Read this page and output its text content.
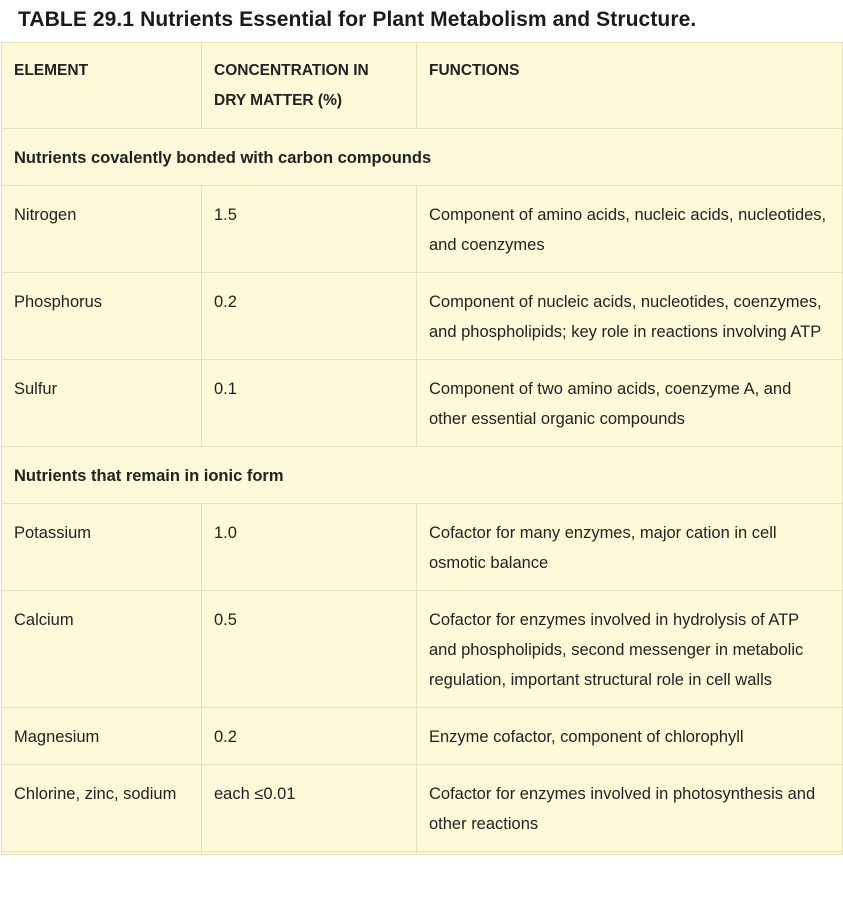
TABLE 29.1 Nutrients Essential for Plant Metabolism and Structure.
ELEMENT	CONCENTRATION IN DRY MATTER (%)	FUNCTIONS
Nutrients covalently bonded with carbon compounds		
Nitrogen	1.5	Component of amino acids, nucleic acids, nucleotides, and coenzymes
Phosphorus	0.2	Component of nucleic acids, nucleotides, coenzymes, and phospholipids; key role in reactions involving ATP
Sulfur	0.1	Component of two amino acids, coenzyme A, and other essential organic compounds
Nutrients that remain in ionic form		
Potassium	1.0	Cofactor for many enzymes, major cation in cell osmotic balance
Calcium	0.5	Cofactor for enzymes involved in hydrolysis of ATP and phospholipids, second messenger in metabolic regulation, important structural role in cell walls
Magnesium	0.2	Enzyme cofactor, component of chlorophyll
Chlorine, zinc, sodium	each ≤0.01	Cofactor for enzymes involved in photosynthesis and other reactions
